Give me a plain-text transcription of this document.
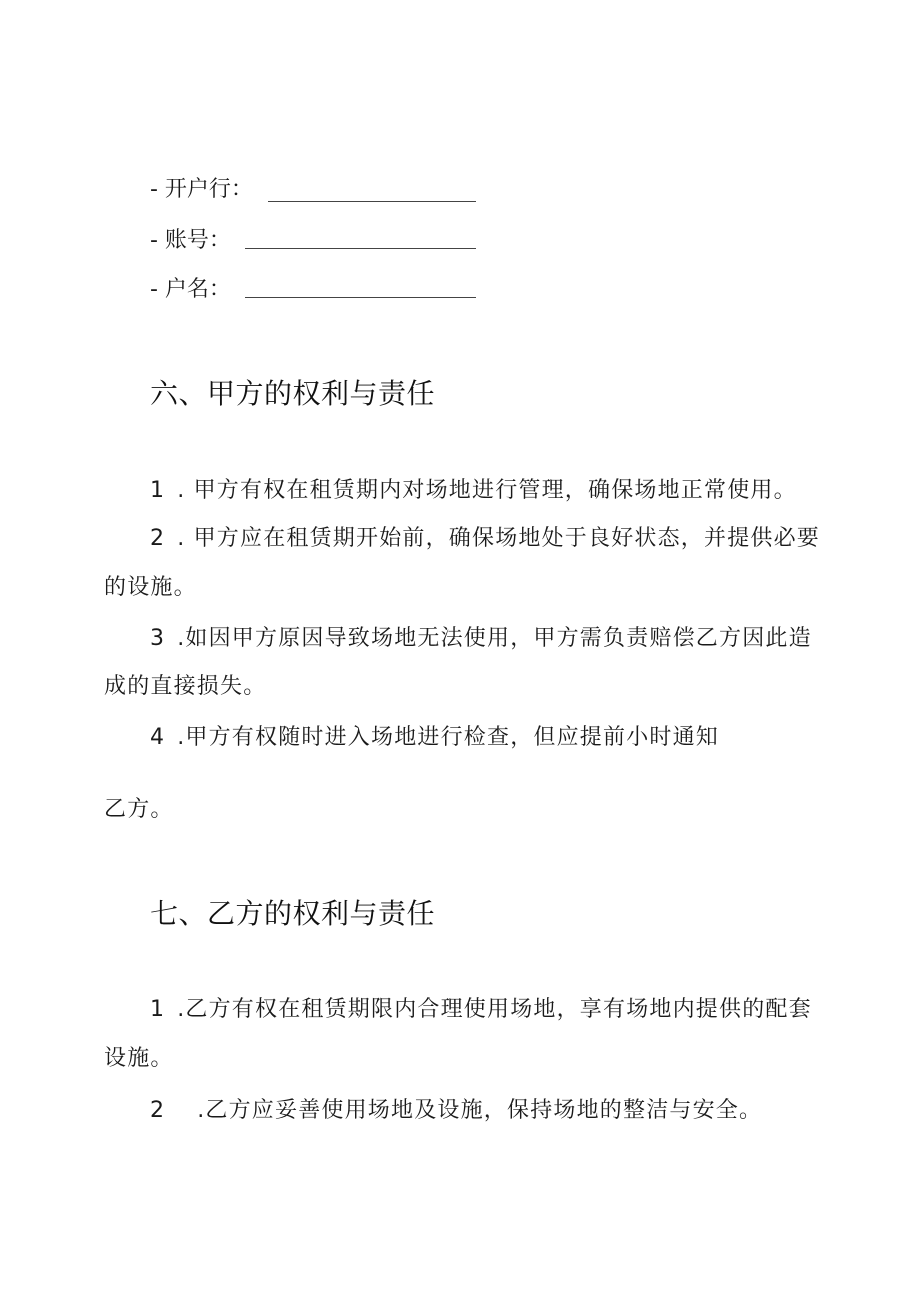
- 开户行：
- 账号：
- 户名：
六、甲方的权利与责任
1 . 甲方有权在租赁期内对场地进行管理，确保场地正常使用。
2 . 甲方应在租赁期开始前，确保场地处于良好状态，并提供必要
的设施。
3 .如因甲方原因导致场地无法使用，甲方需负责赔偿乙方因此造
成的直接损失。
4 .甲方有权随时进入场地进行检查，但应提前小时通知
乙方。
七、乙方的权利与责任
1 .乙方有权在租赁期限内合理使用场地，享有场地内提供的配套
设施。
2 .乙方应妥善使用场地及设施，保持场地的整洁与安全。
